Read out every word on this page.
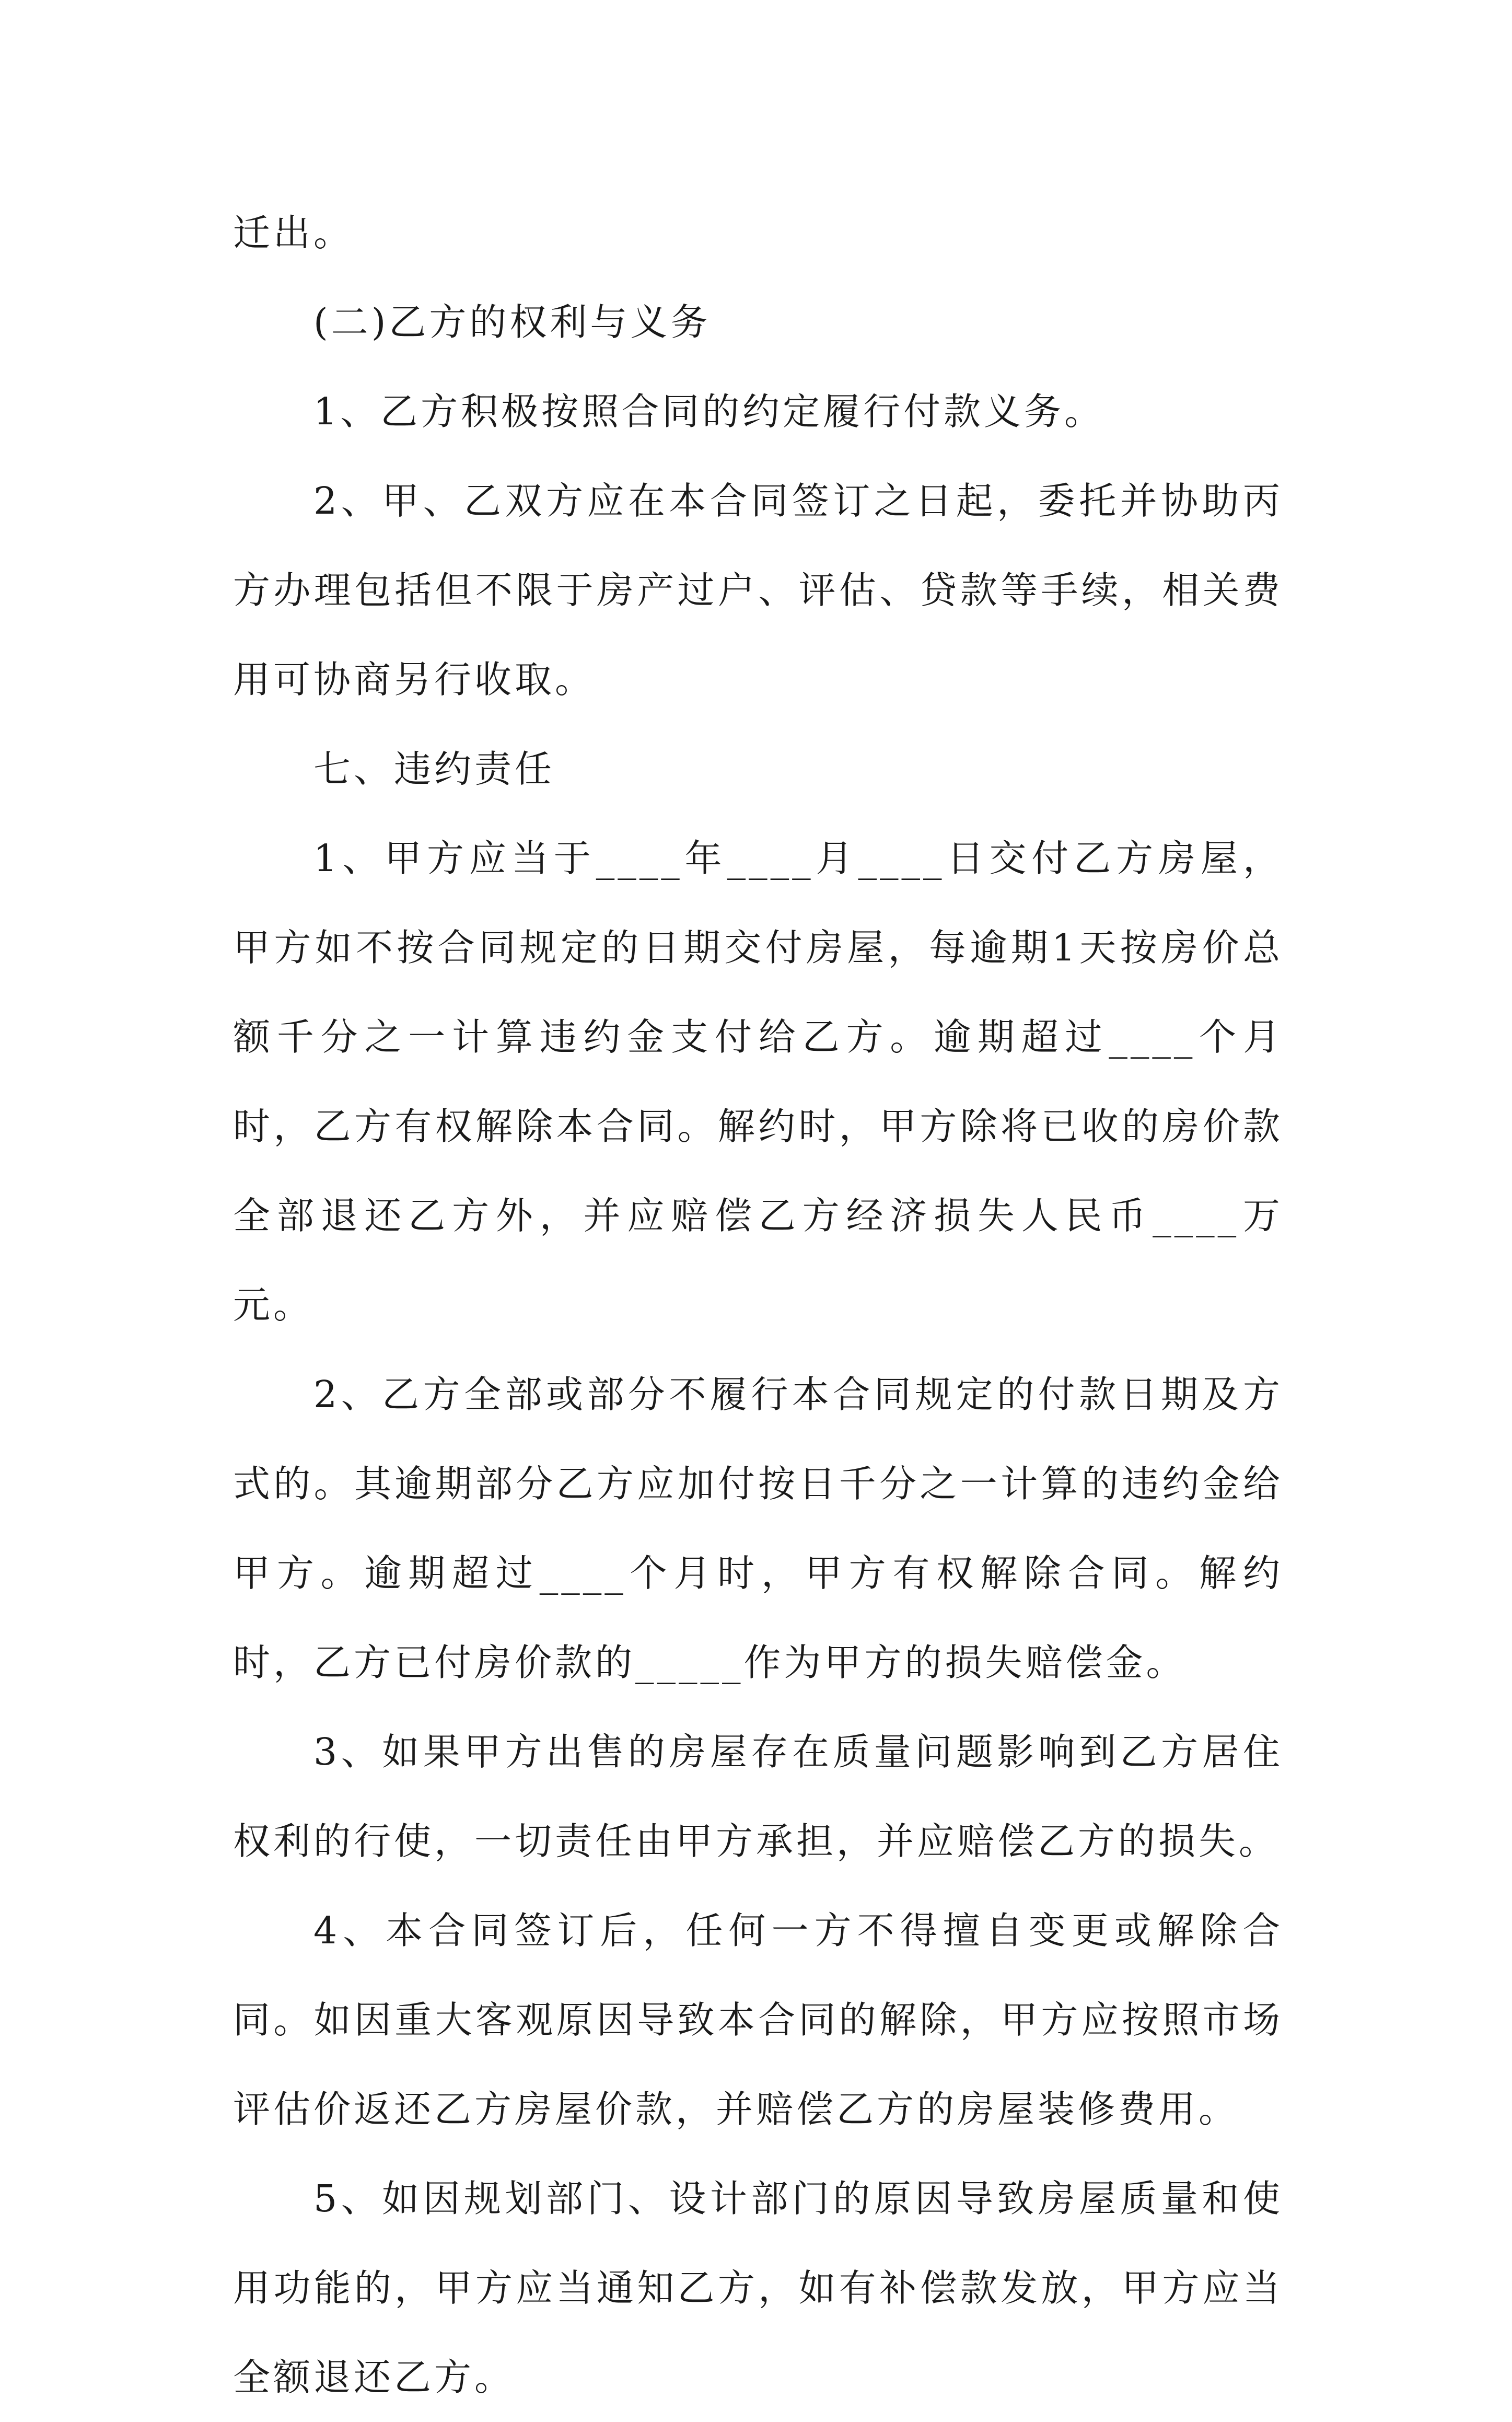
迁出。

(二)乙方的权利与义务

1、乙方积极按照合同的约定履行付款义务。

2、甲、乙双方应在本合同签订之日起，委托并协助丙方办理包括但不限于房产过户、评估、贷款等手续，相关费用可协商另行收取。

七、违约责任

1、甲方应当于____年____月____日交付乙方房屋，甲方如不按合同规定的日期交付房屋，每逾期1天按房价总额千分之一计算违约金支付给乙方。逾期超过____个月时，乙方有权解除本合同。解约时，甲方除将已收的房价款全部退还乙方外，并应赔偿乙方经济损失人民币____万元。

2、乙方全部或部分不履行本合同规定的付款日期及方式的。其逾期部分乙方应加付按日千分之一计算的违约金给甲方。逾期超过____个月时，甲方有权解除合同。解约时，乙方已付房价款的_____作为甲方的损失赔偿金。

3、如果甲方出售的房屋存在质量问题影响到乙方居住权利的行使，一切责任由甲方承担，并应赔偿乙方的损失。

4、本合同签订后，任何一方不得擅自变更或解除合同。如因重大客观原因导致本合同的解除，甲方应按照市场评估价返还乙方房屋价款，并赔偿乙方的房屋装修费用。

5、如因规划部门、设计部门的原因导致房屋质量和使用功能的，甲方应当通知乙方，如有补偿款发放，甲方应当全额退还乙方。
